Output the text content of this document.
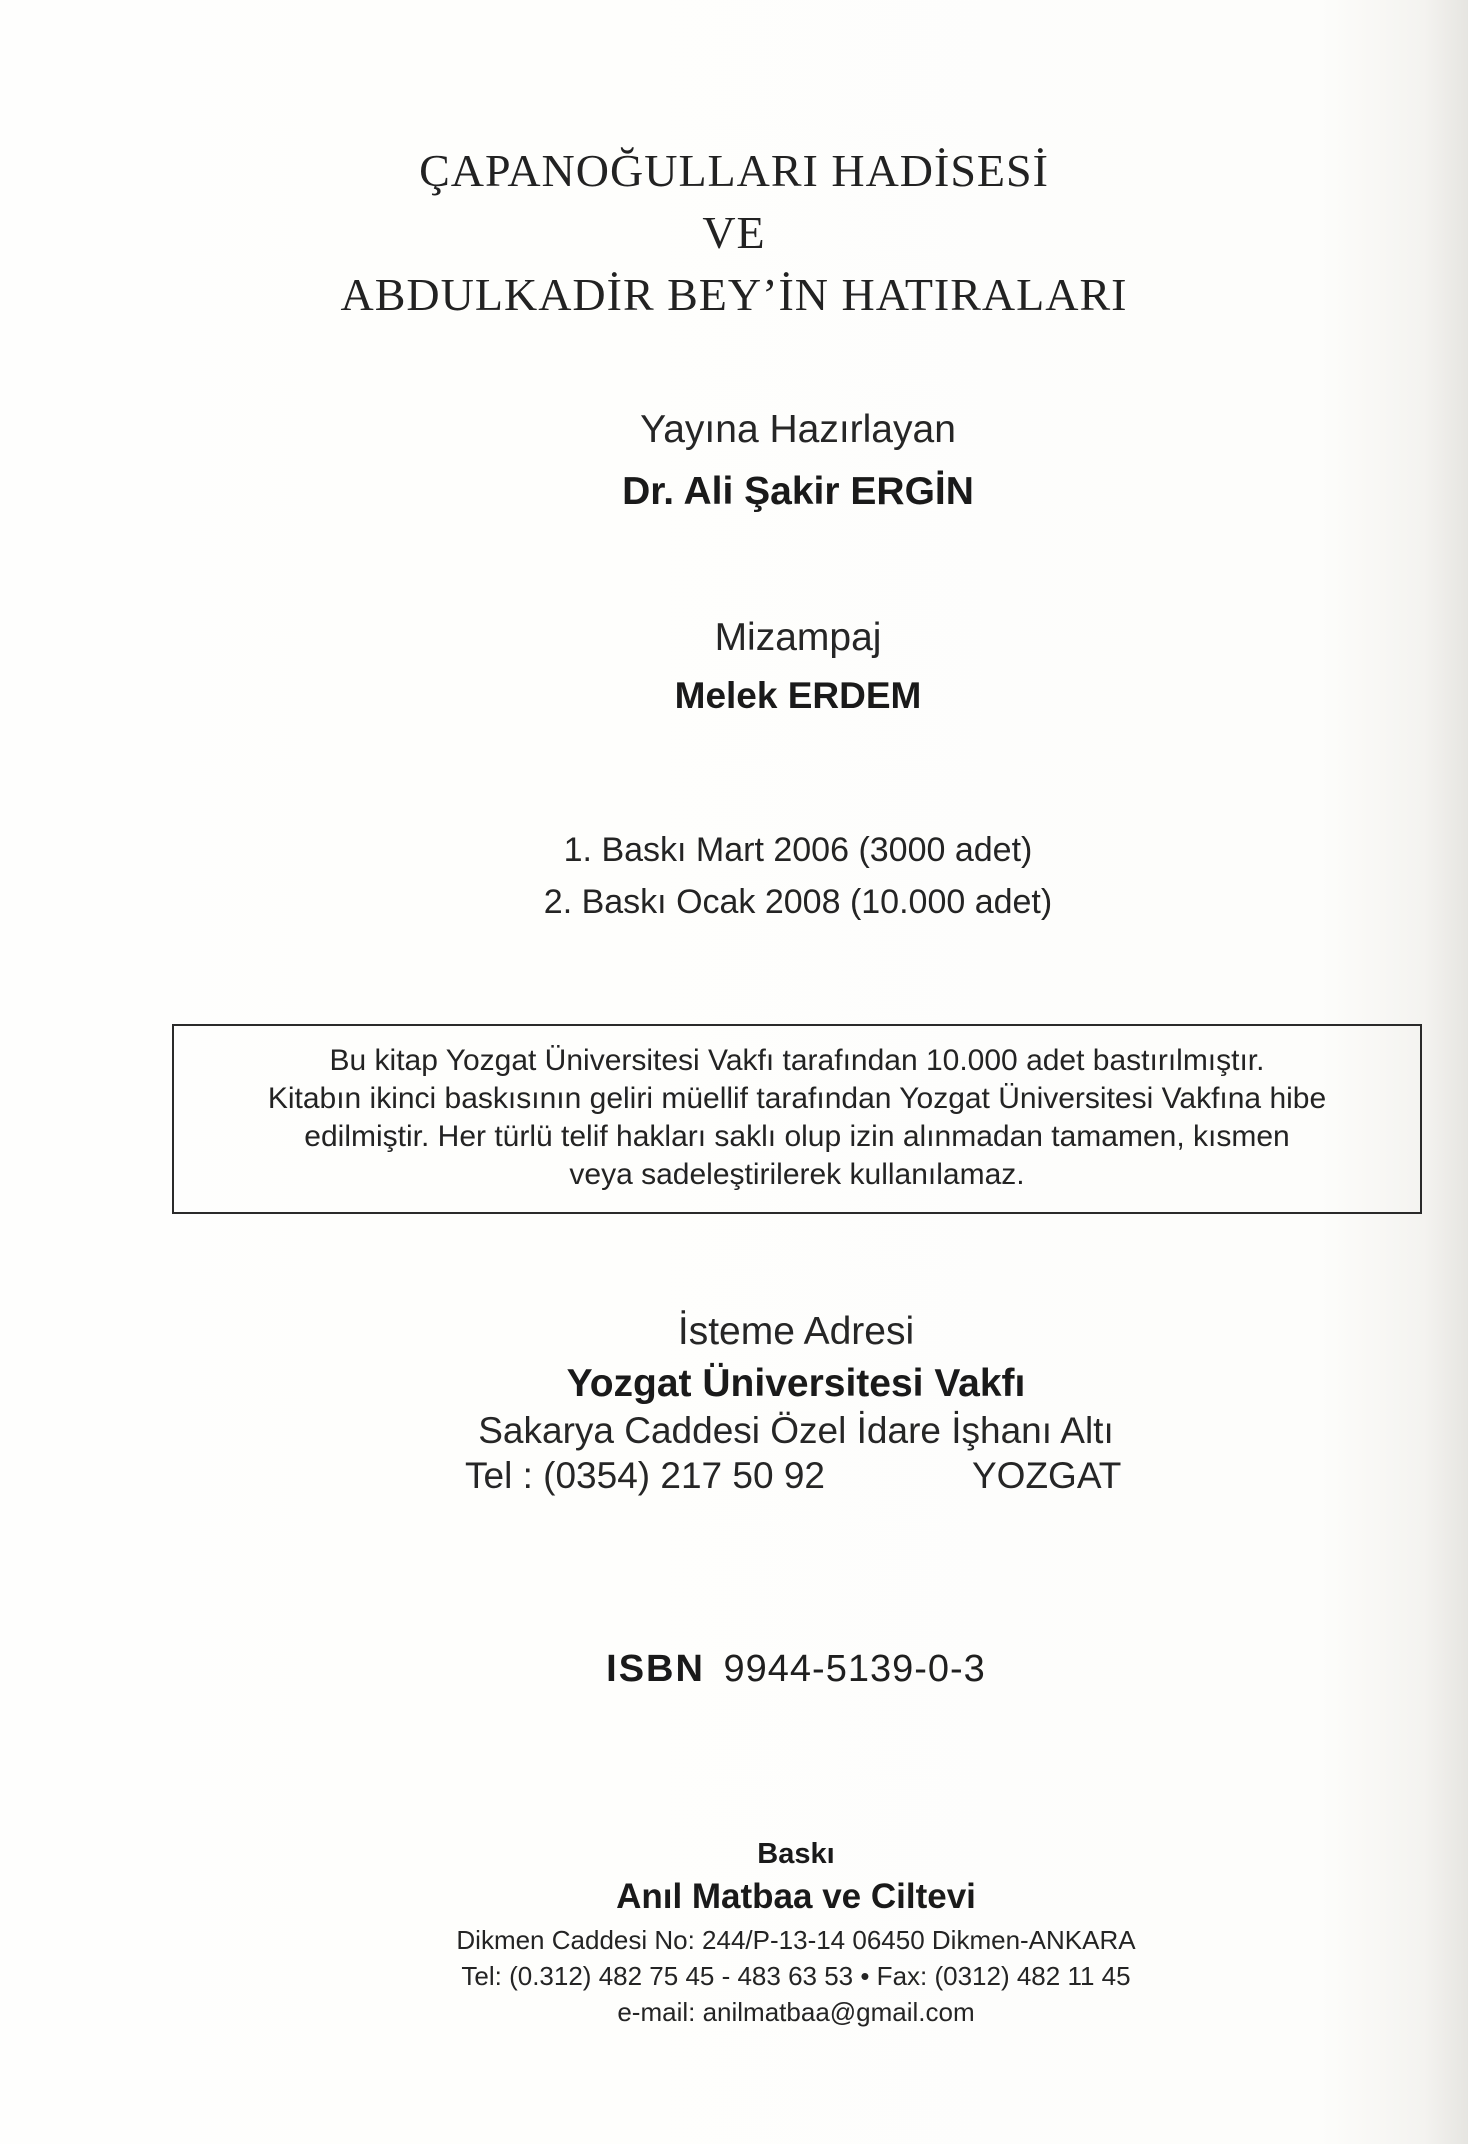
ÇAPANOĞULLARI HADİSESİ
VE
ABDULKADİR BEY’İN HATIRALARI
Yayına Hazırlayan
Dr. Ali Şakir ERGİN
Mizampaj
Melek ERDEM
1. Baskı Mart 2006 (3000 adet)
2. Baskı Ocak 2008 (10.000 adet)

Bu kitap Yozgat Üniversitesi Vakfı tarafından 10.000 adet bastırılmıştır.

Kitabın ikinci baskısının geliri müellif tarafından Yozgat Üniversitesi Vakfına hibe

edilmiştir. Her türlü telif hakları saklı olup izin alınmadan tamamen, kısmen

veya sadeleştirilerek kullanılamaz.

İsteme Adresi
Yozgat Üniversitesi Vakfı
Sakarya Caddesi Özel İdare İşhanı Altı
Tel : (0354) 217 50 92	YOZGAT
ISBN 9944-5139-0-3
Baskı
Anıl Matbaa ve Ciltevi
Dikmen Caddesi No: 244/P-13-14 06450 Dikmen-ANKARA
Tel: (0.312) 482 75 45 - 483 63 53 • Fax: (0312) 482 11 45
e-mail: anilmatbaa@gmail.com
